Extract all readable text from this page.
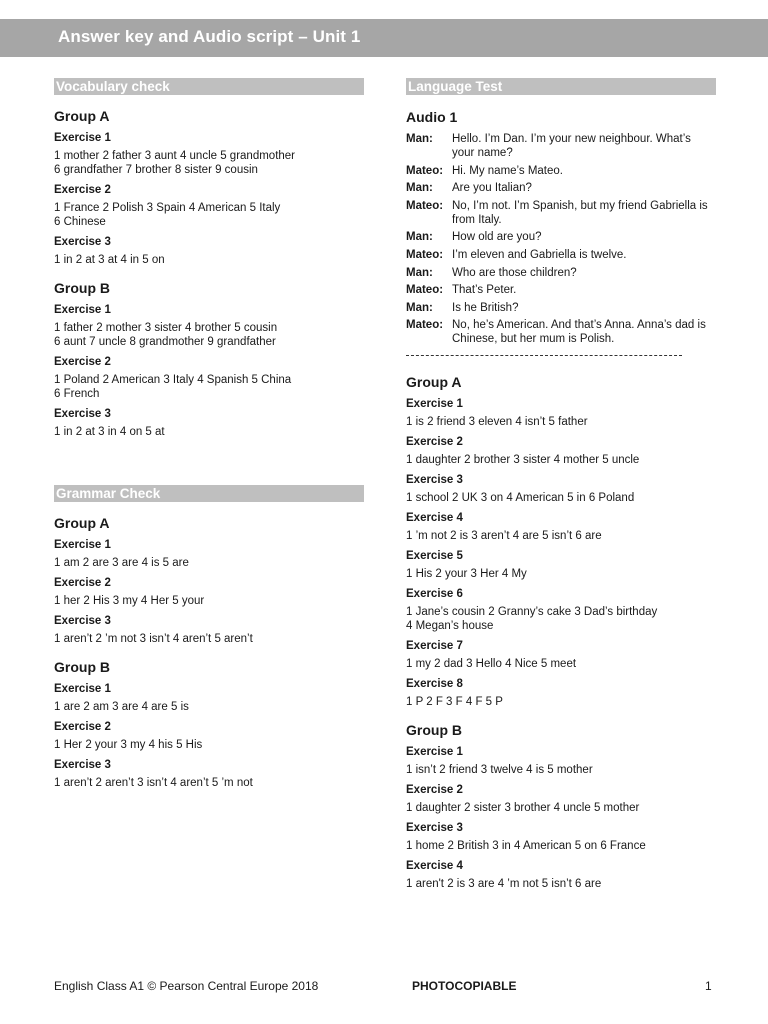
Answer key and Audio script – Unit 1
Vocabulary check
Group A
Exercise 1
1 mother 2 father 3 aunt 4 uncle 5 grandmother
6 grandfather 7 brother 8 sister 9 cousin
Exercise 2
1 France 2 Polish 3 Spain 4 American 5 Italy
6 Chinese
Exercise 3
1 in 2 at 3 at 4 in 5 on
Group B
Exercise 1
1 father 2 mother 3 sister 4 brother 5 cousin
6 aunt 7 uncle 8 grandmother 9 grandfather
Exercise 2
1 Poland 2 American 3 Italy 4 Spanish 5 China
6 French
Exercise 3
1 in 2 at 3 in 4 on 5 at
Grammar Check
Group A
Exercise 1
1 am 2 are 3 are 4 is 5 are
Exercise 2
1 her 2 His 3 my 4 Her 5 your
Exercise 3
1 aren’t 2 ’m not 3 isn’t 4 aren’t 5 aren’t
Group B
Exercise 1
1 are 2 am 3 are 4 are 5 is
Exercise 2
1 Her 2 your 3 my 4 his 5 His
Exercise 3
1 aren’t 2 aren’t 3 isn’t 4 aren’t 5 ’m not
Language Test
Audio 1
Man:	Hello. I’m Dan. I’m your new neighbour. What’s your name?
Mateo: Hi. My name’s Mateo.
Man:	Are you Italian?
Mateo: No, I’m not. I’m Spanish, but my friend Gabriella is from Italy.
Man:	How old are you?
Mateo: I’m eleven and Gabriella is twelve.
Man:	Who are those children?
Mateo: That’s Peter.
Man:	Is he British?
Mateo: No, he’s American. And that’s Anna. Anna’s dad is Chinese, but her mum is Polish.
Group A
Exercise 1
1 is 2 friend 3 eleven 4 isn’t 5 father
Exercise 2
1 daughter 2 brother 3 sister 4 mother 5 uncle
Exercise 3
1 school 2 UK 3 on 4 American 5 in 6 Poland
Exercise 4
1 ’m not 2 is 3 aren’t 4 are 5 isn’t 6 are
Exercise 5
1 His 2 your 3 Her 4 My
Exercise 6
1 Jane’s cousin 2 Granny’s cake 3 Dad’s birthday
4 Megan’s house
Exercise 7
1 my 2 dad 3 Hello 4 Nice 5 meet
Exercise 8
1 P 2 F 3 F 4 F 5 P
Group B
Exercise 1
1 isn’t 2 friend 3 twelve 4 is 5 mother
Exercise 2
1 daughter 2 sister 3 brother 4 uncle 5 mother
Exercise 3
1 home 2 British 3 in 4 American 5 on 6 France
Exercise 4
1 aren't 2 is 3 are 4 ’m not 5 isn’t 6 are
English Class A1 © Pearson Central Europe 2018	PHOTOCOPIABLE	1
